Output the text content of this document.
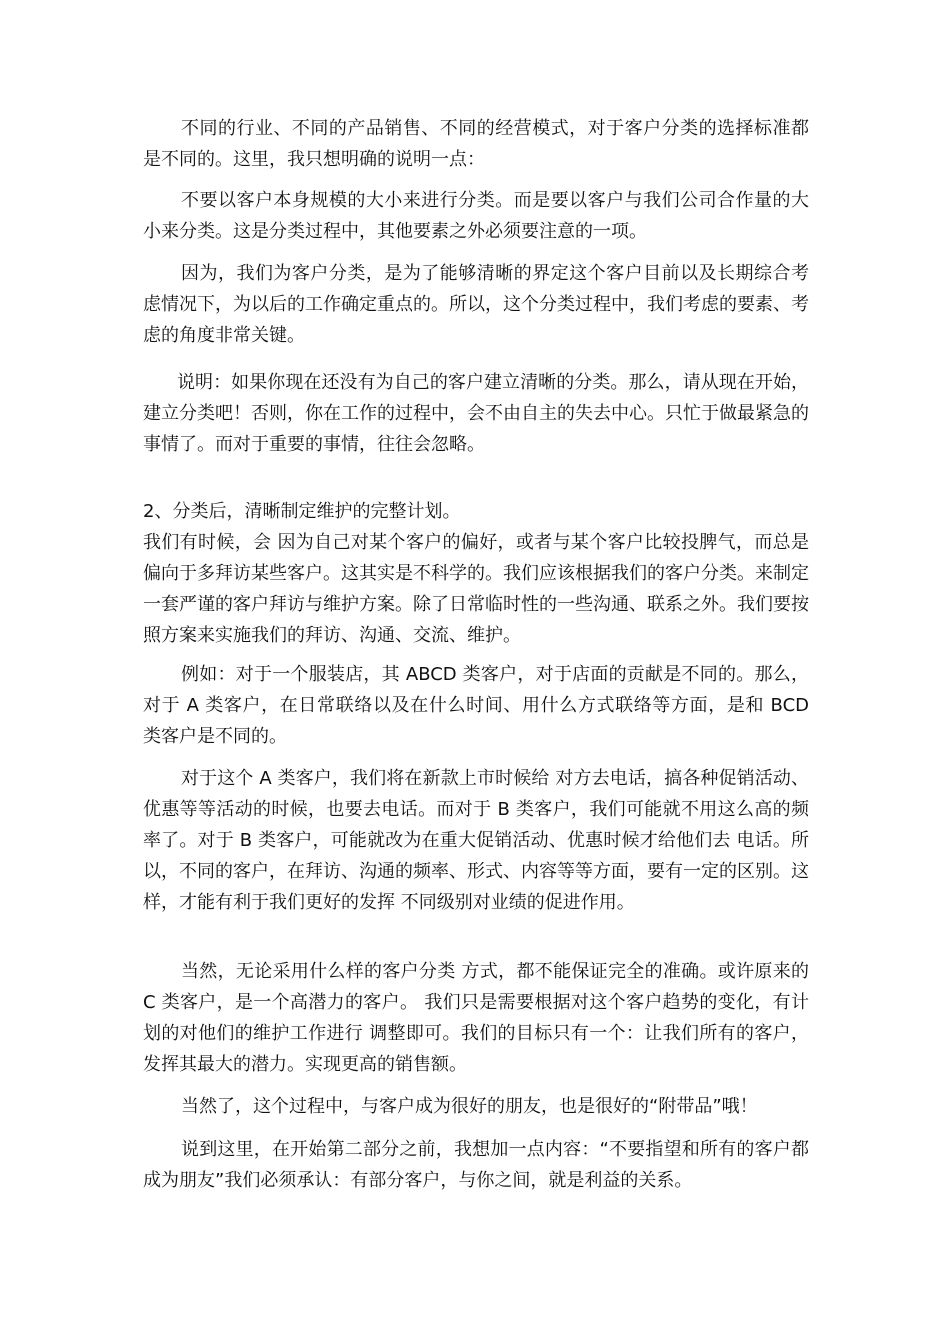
不同的行业、不同的产品销售、不同的经营模式，对于客户分类的选择标准都是不同的。这里，我只想明确的说明一点：

不要以客户本身规模的大小来进行分类。而是要以客户与我们公司合作量的大小来分类。这是分类过程中，其他要素之外必须要注意的一项。

因为，我们为客户分类，是为了能够清晰的界定这个客户目前以及长期综合考虑情况下，为以后的工作确定重点的。所以，这个分类过程中，我们考虑的要素、考虑的角度非常关键。

说明：如果你现在还没有为自己的客户建立清晰的分类。那么，请从现在开始，建立分类吧！否则，你在工作的过程中，会不由自主的失去中心。只忙于做最紧急的事情了。而对于重要的事情，往往会忽略。

2、分类后，清晰制定维护的完整计划。

我们有时候，会 因为自己对某个客户的偏好，或者与某个客户比较投脾气，而总是偏向于多拜访某些客户。这其实是不科学的。我们应该根据我们的客户分类。来制定一套严谨的客户拜访与维护方案。除了日常临时性的一些沟通、联系之外。我们要按照方案来实施我们的拜访、沟通、交流、维护。

例如：对于一个服装店，其 ABCD 类客户，对于店面的贡献是不同的。那么，对于 A 类客户，在日常联络以及在什么时间、用什么方式联络等方面，是和 BCD 类客户是不同的。

对于这个 A 类客户，我们将在新款上市时候给 对方去电话，搞各种促销活动、优惠等等活动的时候，也要去电话。而对于 B 类客户，我们可能就不用这么高的频率了。对于 B 类客户，可能就改为在重大促销活动、优惠时候才给他们去 电话。所以，不同的客户，在拜访、沟通的频率、形式、内容等等方面，要有一定的区别。这样，才能有利于我们更好的发挥 不同级别对业绩的促进作用。

当然，无论采用什么样的客户分类 方式，都不能保证完全的准确。或许原来的 C 类客户，是一个高潜力的客户。 我们只是需要根据对这个客户趋势的变化，有计划的对他们的维护工作进行 调整即可。我们的目标只有一个：让我们所有的客户，发挥其最大的潜力。实现更高的销售额。

当然了，这个过程中，与客户成为很好的朋友，也是很好的“附带品”哦！

说到这里，在开始第二部分之前，我想加一点内容：“不要指望和所有的客户都成为朋友”我们必须承认：有部分客户，与你之间，就是利益的关系。
